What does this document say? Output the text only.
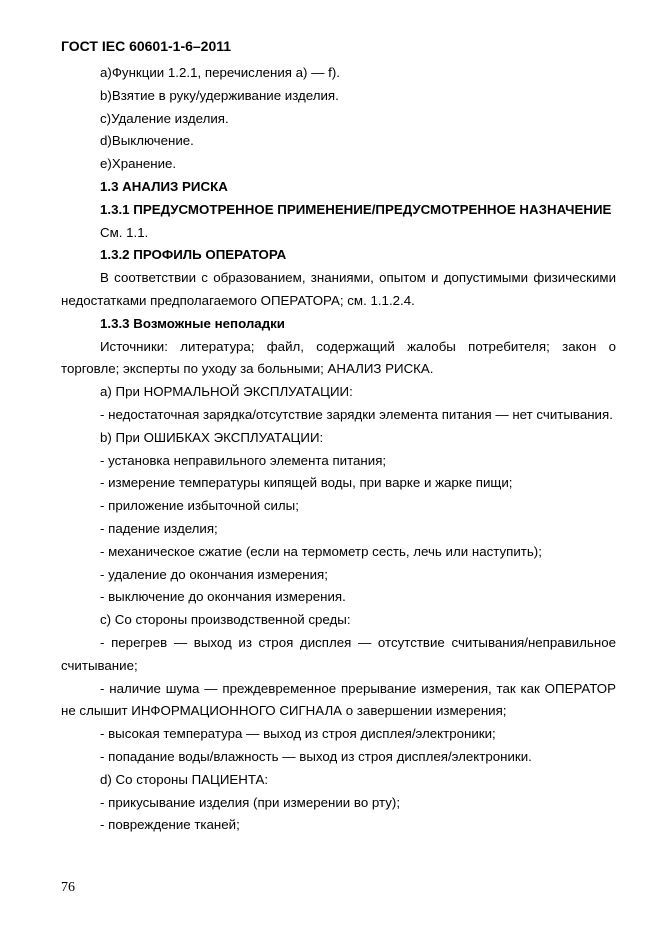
ГОСТ IEC 60601-1-6–2011

a)Функции 1.2.1, перечисления a) — f).

b)Взятие в руку/удерживание изделия.

c)Удаление изделия.

d)Выключение.

e)Хранение.

1.3 АНАЛИЗ РИСКА

1.3.1 ПРЕДУСМОТРЕННОЕ ПРИМЕНЕНИЕ/ПРЕДУСМОТРЕННОЕ НАЗНАЧЕНИЕ

См. 1.1.

1.3.2 ПРОФИЛЬ ОПЕРАТОРА

В соответствии с образованием, знаниями, опытом и допустимыми физическими недостатками предполагаемого ОПЕРАТОРА; см. 1.1.2.4.

1.3.3 Возможные неполадки

Источники: литература; файл, содержащий жалобы потребителя; закон о торговле; эксперты по уходу за больными; АНАЛИЗ РИСКА.

a) При НОРМАЛЬНОЙ ЭКСПЛУАТАЦИИ:

- недостаточная зарядка/отсутствие зарядки элемента питания — нет считывания.

b) При ОШИБКАХ ЭКСПЛУАТАЦИИ:

- установка неправильного элемента питания;

- измерение температуры кипящей воды, при варке и жарке пищи;

- приложение избыточной силы;

- падение изделия;

- механическое сжатие (если на термометр сесть, лечь или наступить);

- удаление до окончания измерения;

- выключение до окончания измерения.

c) Со стороны производственной среды:

- перегрев — выход из строя дисплея — отсутствие считывания/неправильное считывание;

- наличие шума — преждевременное прерывание измерения, так как ОПЕРАТОР не слышит ИНФОРМАЦИОННОГО СИГНАЛА о завершении измерения;

- высокая температура — выход из строя дисплея/электроники;

- попадание воды/влажность — выход из строя дисплея/электроники.

d) Со стороны ПАЦИЕНТА:

- прикусывание изделия (при измерении во рту);

- повреждение тканей;

76
